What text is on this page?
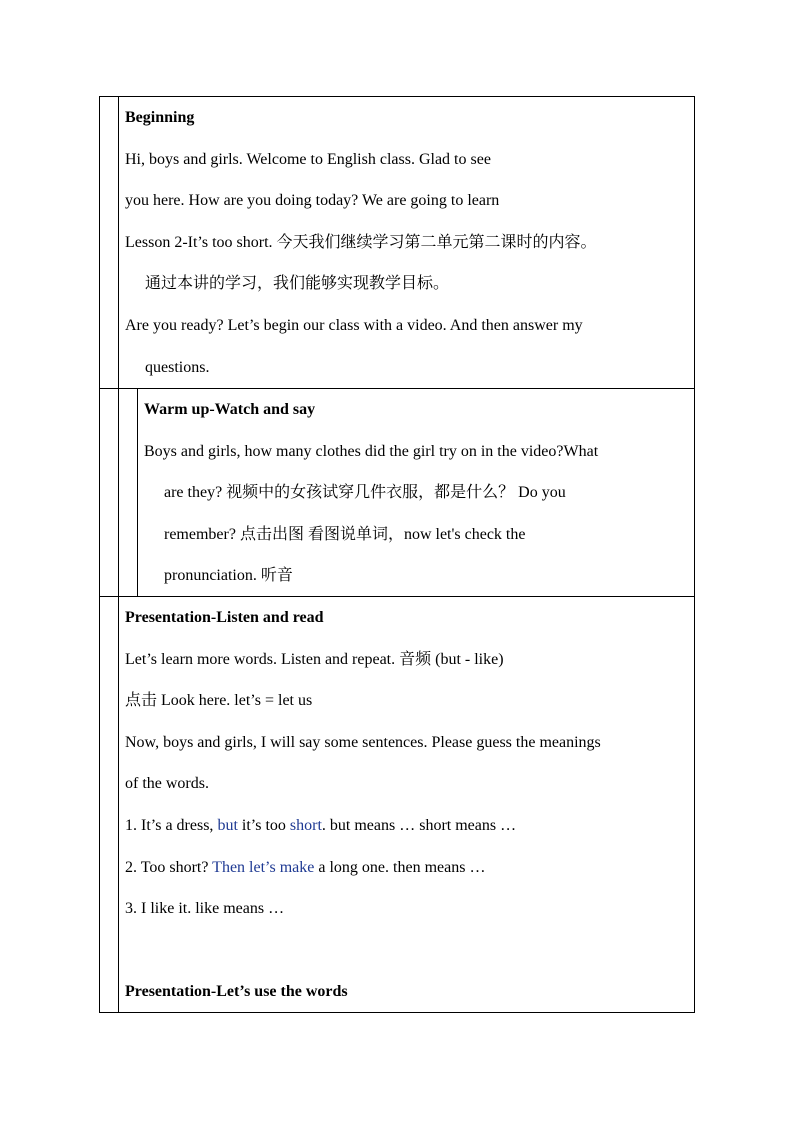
Beginning
Hi, boys and girls. Welcome to English class. Glad to see
you here. How are you doing today? We are going to learn
Lesson 2-It’s too short. 今天我们继续学习第二单元第二课时的内容。
通过本讲的学习，我们能够实现教学目标。
Are you ready? Let’s begin our class with a video. And then answer my
questions.
Warm up-Watch and say
Boys and girls, how many clothes did the girl try on in the video?What
are they? 视频中的女孩试穿几件衣服，都是什么？ Do you
remember? 点击出图 看图说单词，now let's check the
pronunciation. 听音
Presentation-Listen and read
Let’s learn more words. Listen and repeat. 音频 (but - like)
点击 Look here. let’s = let us
Now, boys and girls, I will say some sentences. Please guess the meanings
of the words.
1. It’s a dress, but it’s too short. but means … short means …
2. Too short? Then let’s make a long one. then means …
3. I like it. like means …

Presentation-Let’s use the words
